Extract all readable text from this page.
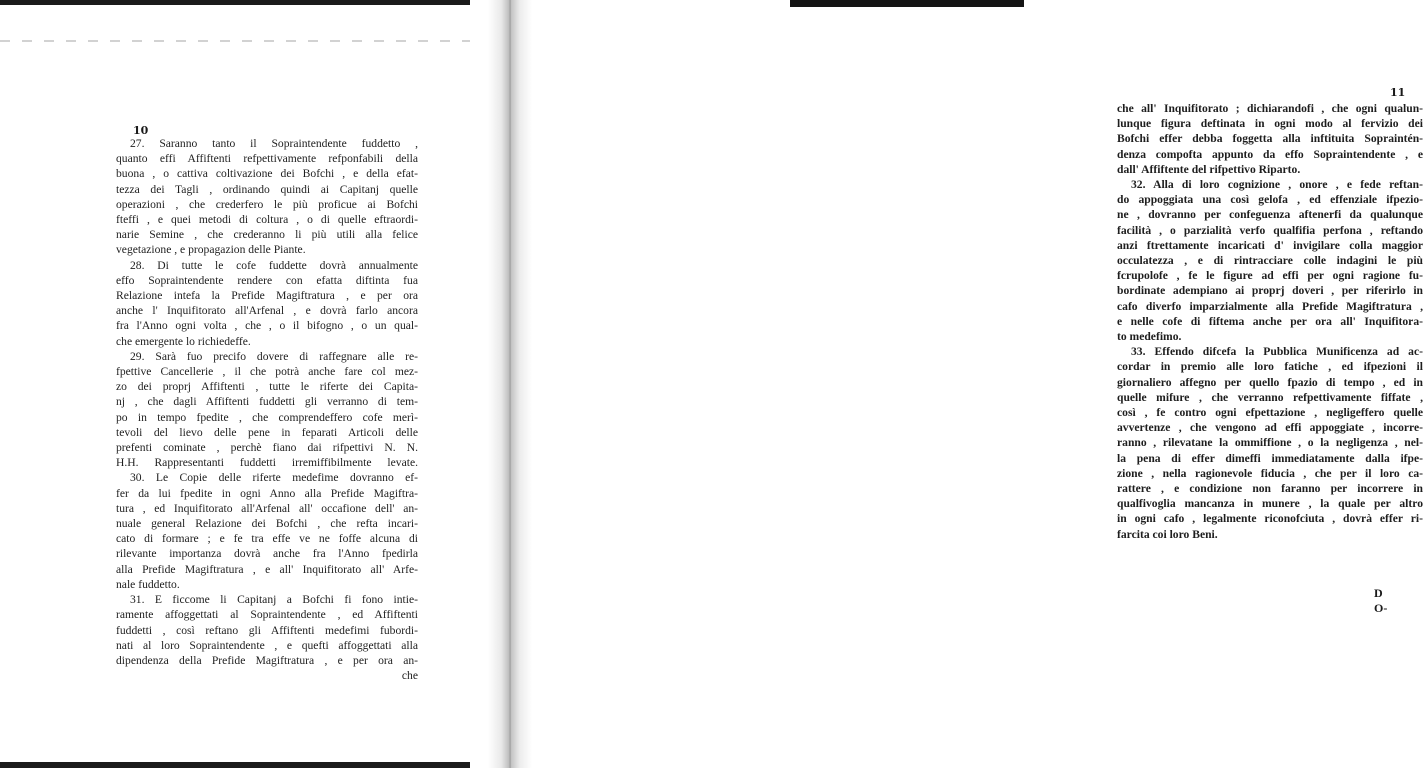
10
27. Saranno tanto il Sopraintendente fuddetto ,
quanto effi Affiftenti refpettivamente refponfabili della
buona , o cattiva coltivazione dei Bofchi , e della efat-
tezza dei Tagli , ordinando quindi ai Capitanj quelle
operazioni , che crederfero le più proficue ai Bofchi
fteffi , e quei metodi di coltura , o di quelle eftraordi-
narie Semine , che crederanno li più utili alla felice
vegetazione , e propagazion delle Piante.
28. Di tutte le cofe fuddette dovrà annualmente
effo Sopraintendente rendere con efatta diftinta fua
Relazione intefa la Prefide Magiftratura , e per ora
anche l' Inquifitorato all'Arfenal , e dovrà farlo ancora
fra l'Anno ogni volta , che , o il bifogno , o un qual-
che emergente lo richiedeffe.
29. Sarà fuo precifo dovere di raffegnare alle re-
fpettive Cancellerie , il che potrà anche fare col mez-
zo dei proprj Affiftenti , tutte le riferte dei Capita-
nj , che dagli Affiftenti fuddetti gli verranno di tem-
po in tempo fpedite , che comprendeffero cofe merì-
tevoli del lievo delle pene in feparati Articoli delle
prefenti cominate , perchè fiano dai rifpettivi N. N.
H.H. Rappresentanti fuddetti irremiffibilmente levate.
30. Le Copie delle riferte medefime dovranno ef-
fer da lui fpedite in ogni Anno alla Prefide Magiftra-
tura , ed Inquifitorato all'Arfenal all' occafione dell' an-
nuale general Relazione dei Bofchi , che refta incari-
cato di formare ; e fe tra effe ve ne foffe alcuna di
rilevante importanza dovrà anche fra l'Anno fpedirla
alla Prefide Magiftratura , e all' Inquifitorato all' Arfe-
nale fuddetto.
31. E ficcome li Capitanj a Bofchi fi fono intie-
ramente affoggettati al Sopraintendente , ed Affiftenti
fuddetti , così reftano gli Affiftenti medefimi fubordi-
nati al loro Sopraintendente , e quefti affoggettati alla
dipendenza della Prefide Magiftratura , e per ora an-
che
11
che all' Inquifitorato ; dichiarandofi , che ogni qualun-
lunque figura deftinata in ogni modo al fervizio dei
Bofchi effer debba foggetta alla inftituita Sopraintén-
denza compofta appunto da effo Sopraintendente , e
dall' Affiftente del rifpettivo Riparto.
32. Alla di loro cognizione , onore , e fede reftan-
do appoggiata una così gelofa , ed effenziale ifpezio-
ne , dovranno per confeguenza aftenerfi da qualunque
facilità , o parzialità verfo qualfifia perfona , reftando
anzi ftrettamente incaricati d' invigilare colla maggior
occulatezza , e di rintracciare colle indagini le più
fcrupolofe , fe le figure ad effi per ogni ragione fu-
bordinate adempiano ai proprj doveri , per riferirlo in
cafo diverfo imparzialmente alla Prefide Magiftratura ,
e nelle cofe di fiftema anche per ora all' Inquifitora-
to medefimo.
33. Effendo difcefa la Pubblica Munificenza ad ac-
cordar in premio alle loro fatiche , ed ifpezioni il
giornaliero affegno per quello fpazio di tempo , ed in
quelle mifure , che verranno refpettivamente fiffate ,
così , fe contro ogni efpettazione , negligeffero quelle
avvertenze , che vengono ad effi appoggiate , incorre-
ranno , rilevatane la ommiffione , o la negligenza , nel-
la pena di effer dimeffi immediatamente dalla ifpe-
zione , nella ragionevole fiducia , che per il loro ca-
rattere , e condizione non faranno per incorrere in
qualfivoglia mancanza in munere , la quale per altro
in ogni cafo , legalmente riconofciuta , dovrà effer ri-
farcita coi loro Beni.
D O-
